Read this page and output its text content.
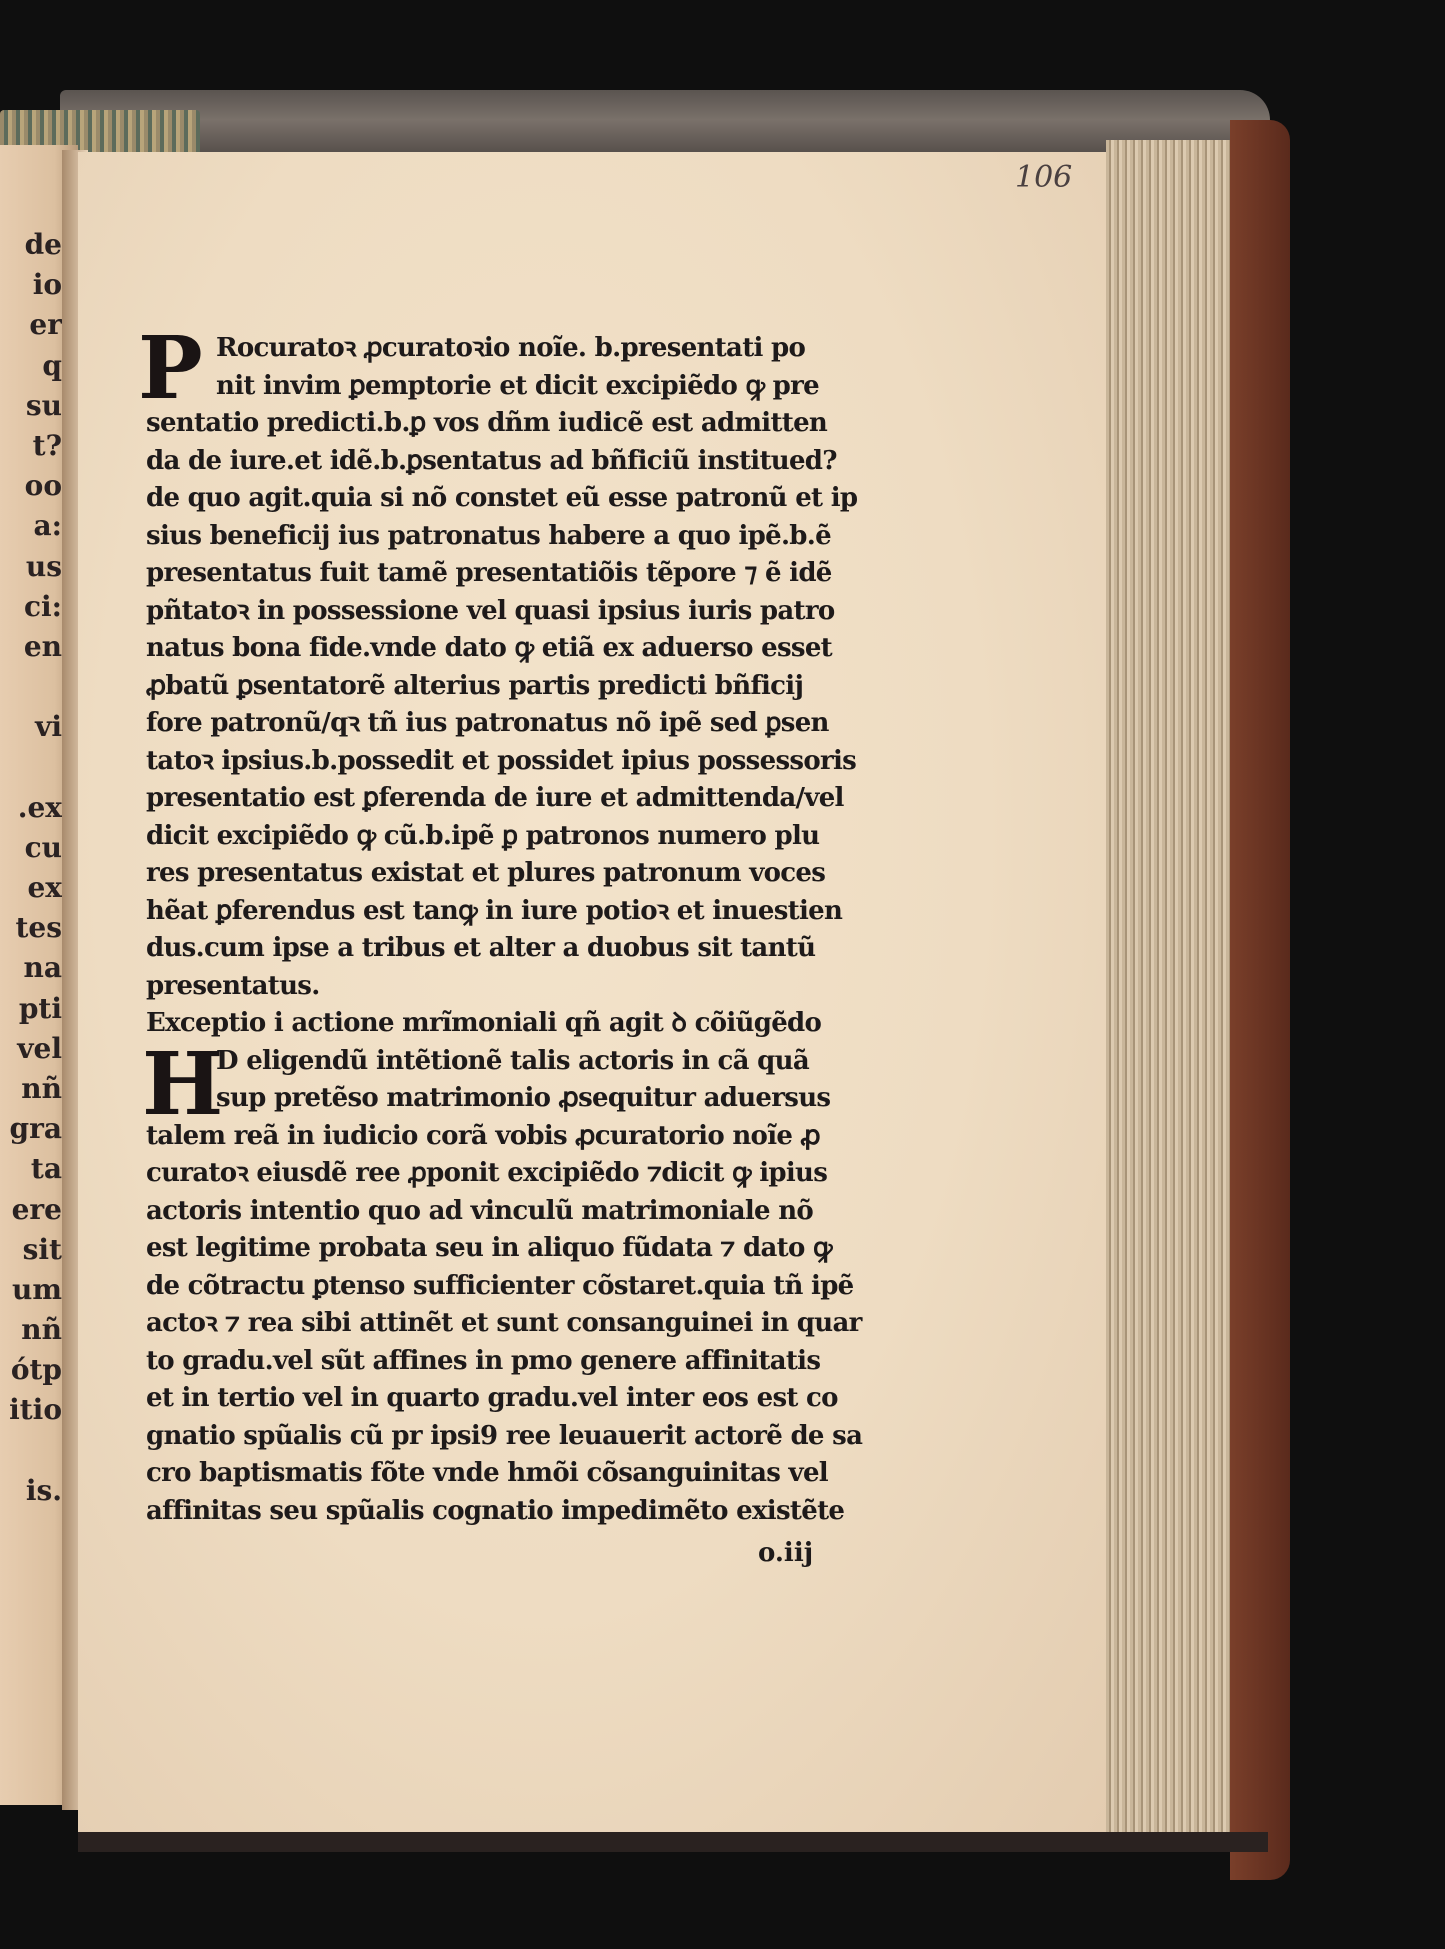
de
io
er
q
su
t?
oo
a:
us
ci:
en
vi
.ex
cu
ex
tes
na
pti
vel
nñ
gra
ta
ere
sit
um
nñ
ótp
itio
is.
106
P Rocuratoꝛ ꝓcuratoꝛio noĩe. b.presentati po
nit invim ꝑemptorie et dicit excipiẽdo ꝙ pre
sentatio predicti.b.ꝑ vos dñm iudicẽ est admitten
da de iure.et idẽ.b.ꝑsentatus ad bñficiũ institued?
de quo agit.quia si nõ constet eũ esse patronũ et ip
sius beneficij ius patronatus habere a quo ipẽ.b.ẽ
presentatus fuit tamẽ presentatiõis tẽpore ⁊ ẽ idẽ
pñtatoꝛ in possessione vel quasi ipsius iuris patro
natus bona fide.vnde dato ꝙ etiã ex aduerso esset
ꝓbatũ ꝑsentatorẽ alterius partis predicti bñficij
fore patronũ/qꝛ tñ ius patronatus nõ ipẽ sed ꝑsen
tatoꝛ ipsius.b.possedit et possidet ipius possessoris
presentatio est ꝑferenda de iure et admittenda/vel
dicit excipiẽdo ꝙ cũ.b.ipẽ ꝑ patronos numero plu
res presentatus existat et plures patronum voces
hẽat ꝑferendus est tanꝙ in iure potioꝛ et inuestien
dus.cum ipse a tribus et alter a duobus sit tantũ
presentatus.
Exceptio i actione mrĩmoniali qñ agit ꝺ cõiũgẽdo
H
D eligendũ intẽtionẽ talis actoris in cã quã
sup pretẽso matrimonio ꝓsequitur aduersus
talem reã in iudicio corã vobis ꝓcuratorio noĩe ꝓ
curatoꝛ eiusdẽ ree ꝓponit excipiẽdo ⁊dicit ꝙ ipius
actoris intentio quo ad vinculũ matrimoniale nõ
est legitime probata seu in aliquo fũdata ⁊ dato ꝙ
de cõtractu ꝑtenso sufficienter cõstaret.quia tñ ipẽ
actoꝛ ⁊ rea sibi attinẽt et sunt consanguinei in quar
to gradu.vel sũt affines in pmo genere affinitatis
et in tertio vel in quarto gradu.vel inter eos est co
gnatio spũalis cũ pr ipsi9 ree leuauerit actorẽ de sa
cro baptismatis fõte vnde hmõi cõsanguinitas vel
affinitas seu spũalis cognatio impedimẽto existẽte
o.iij
